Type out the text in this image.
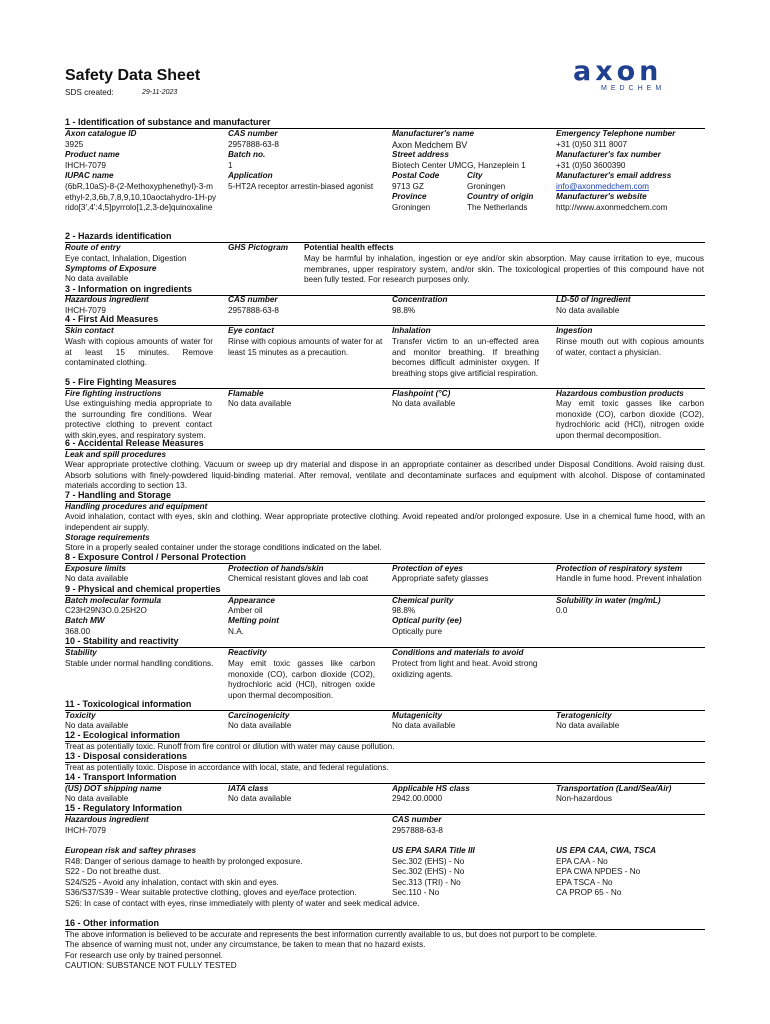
Safety Data Sheet
SDS created:	29-11-2023
axon
MEDCHEM
1 - Identification of substance and manufacturer
Axon catalogue ID
3925
Product name
IHCH-7079
IUPAC name
(6bR,10aS)-8-(2-Methoxyphenethyl)-3-methyl-2,3,6b,7,8,9,10,10aoctahydro-1H-pyrido[3',4':4,5]pyrrolo[1,2,3-de]quinoxaline
CAS number
2957888-63-8
Batch no.
1
Application
5-HT2A receptor arrestin-biased agonist
Manufacturer's name
Axon Medchem BV
Street address
Biotech Center UMCG, Hanzeplein 1
Postal Code
9713 GZ
Province
Groningen
City
Groningen
Country of origin
The Netherlands
Emergency Telephone number
+31 (0)50 311 8007
Manufacturer's fax number
+31 (0)50 3600390
Manufacturer's email address
info@axonmedchem.com
Manufacturer's website
http://www.axonmedchem.com
2 - Hazards identification
Route of entry
Eye contact, Inhalation, Digestion
Symptoms of Exposure
No data available
GHS Pictogram Potential health effects
May be harmful by inhalation, ingestion or eye and/or skin absorption. May cause irritation to eye, mucous membranes, upper respiratory system, and/or skin. The toxicological properties of this compound have not been fully tested. For research purposes only.
3 - Information on ingredients
Hazardous ingredient
IHCH-7079
CAS number
2957888-63-8
Concentration
98.8%
LD-50 of ingredient
No data available
4 - First Aid Measures
Skin contact
Wash with copious amounts of water for at least 15 minutes. Remove contaminated clothing.
Eye contact
Rinse with copious amounts of water for at least 15 minutes as a precaution.
Inhalation
Transfer victim to an un-effected area and monitor breathing. If breathing becomes difficult administer oxygen. If breathing stops give artificial respiration.
Ingestion
Rinse mouth out with copious amounts of water, contact a physician.
5 - Fire Fighting Measures
Fire fighting instructions
Use extinguishing media appropriate to the surrounding fire conditions. Wear protective clothing to prevent contact with skin,eyes, and respiratory system.
Flamable
No data available
Flashpoint (°C)
No data available
Hazardous combustion products
May emit toxic gasses like carbon monoxide (CO), carbon dioxide (CO2), hydrochloric acid (HCl), nitrogen oxide upon thermal decomposition.
6 - Accidental Release Measures
Leak and spill procedures
Wear appropriate protective clothing. Vacuum or sweep up dry material and dispose in an appropriate container as described under Disposal Conditions. Avoid raising dust. Absorb solutions with finely-powdered liquid-binding material. After removal, ventilate and decontaminate surfaces and equipment with alcohol. Dispose of contaminated materials according to section 13.
7 - Handling and Storage
Handling procedures and equipment
Avoid inhalation, contact with eyes, skin and clothing. Wear appropriate protective clothing. Avoid repeated and/or prolonged exposure. Use in a chemical fume hood, with an independent air supply.
Storage requirements
Store in a properly sealed container under the storage conditions indicated on the label.
8 - Exposure Control / Personal Protection
Exposure limits
No data available
Protection of hands/skin
Chemical resistant gloves and lab coat
Protection of eyes
Appropriate safety glasses
Protection of respiratory system
Handle in fume hood. Prevent inhalation
9 - Physical and chemical properties
Batch molecular formula
C23H29N3O.0.25H2O
Batch MW
368.00
Appearance
Amber oil
Melting point
N.A.
Chemical purity
98.8%
Optical purity (ee)
Optically pure
Solubility in water (mg/mL)
0.0
10 - Stability and reactivity
Stability
Stable under normal handling conditions.
Reactivity
May emit toxic gasses like carbon monoxide (CO), carbon dioxide (CO2), hydrochloric acid (HCl), nitrogen oxide upon thermal decomposition.
Conditions and materials to avoid
Protect from light and heat. Avoid strong oxidizing agents.
11 - Toxicological information
Toxicity
No data available
Carcinogenicity
No data available
Mutagenicity
No data available
Teratogenicity
No data available
12 - Ecological information
Treat as potentially toxic. Runoff from fire control or dilution with water may cause pollution.
13 - Disposal considerations
Treat as potentially toxic. Dispose in accordance with local, state, and federal regulations.
14 - Transport Information
(US) DOT shipping name
No data available
IATA class
No data available
Applicable HS class
2942.00.0000
Transportation (Land/Sea/Air)
Non-hazardous
15 - Regulatory Information
Hazardous ingredient
IHCH-7079
CAS number
2957888-63-8
European risk and saftey phrases
R48: Danger of serious damage to health by prolonged exposure.
S22 - Do not breathe dust.
S24/S25 - Avoid any inhalation, contact with skin and eyes.
S36/S37/S39 - Wear suitable protective clothing, gloves and eye/face protection.
S26: In case of contact with eyes, rinse immediately with plenty of water and seek medical advice.
US EPA SARA Title III
Sec.302 (EHS) - No
Sec.302 (EHS) - No
Sec.313 (TRI) - No
Sec.110 - No
US EPA CAA, CWA, TSCA
EPA CAA - No
EPA CWA NPDES - No
EPA TSCA - No
CA PROP 65 - No
16 - Other information
The above information is believed to be accurate and represents the best information currently available to us, but does not purport to be complete.
The absence of warning must not, under any circumstance, be taken to mean that no hazard exists.
For research use only by trained personnel.
CAUTION: SUBSTANCE NOT FULLY TESTED
